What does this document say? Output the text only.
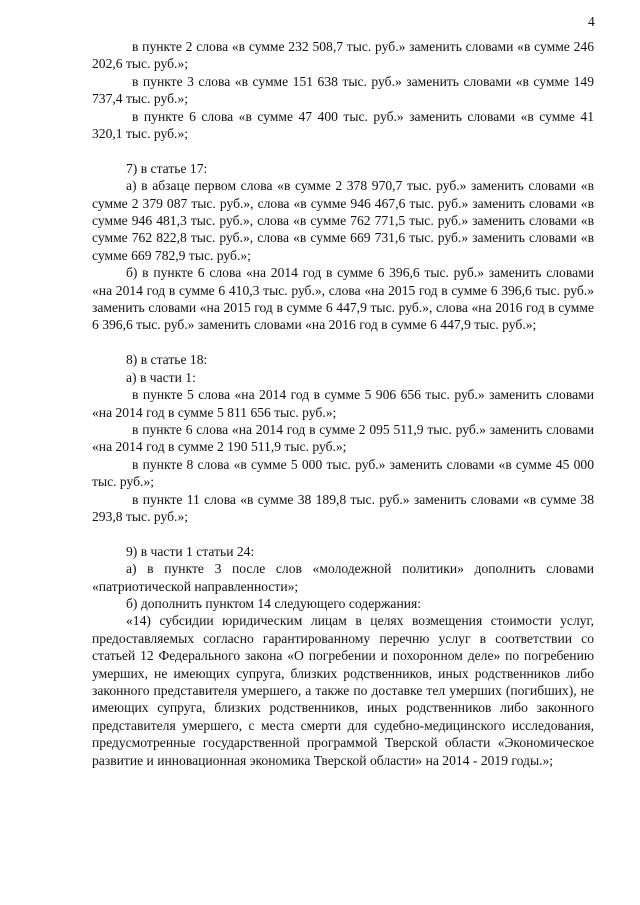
4

в пункте 2 слова «в сумме 232 508,7 тыс. руб.» заменить словами «в сумме 246 202,6 тыс. руб.»;

в пункте 3 слова «в сумме 151 638 тыс. руб.» заменить словами «в сумме 149 737,4 тыс. руб.»;

в пункте 6 слова «в сумме 47 400 тыс. руб.» заменить словами «в сумме 41 320,1 тыс. руб.»;

7) в статье 17:

а) в абзаце первом слова «в сумме 2 378 970,7 тыс. руб.» заменить словами «в сумме 2 379 087 тыс. руб.», слова «в сумме 946 467,6 тыс. руб.» заменить словами «в сумме 946 481,3 тыс. руб.», слова «в сумме 762 771,5 тыс. руб.» заменить словами «в сумме 762 822,8 тыс. руб.», слова «в сумме 669 731,6 тыс. руб.» заменить словами «в сумме 669 782,9 тыс. руб.»;

б) в пункте 6 слова «на 2014 год в сумме 6 396,6 тыс. руб.» заменить словами «на 2014 год в сумме 6 410,3 тыс. руб.», слова «на 2015 год в сумме 6 396,6 тыс. руб.» заменить словами «на 2015 год в сумме 6 447,9 тыс. руб.», слова «на 2016 год в сумме 6 396,6 тыс. руб.» заменить словами «на 2016 год в сумме 6 447,9 тыс. руб.»;

8) в статье 18:

а) в части 1:

в пункте 5 слова «на 2014 год в сумме 5 906 656 тыс. руб.» заменить словами «на 2014 год в сумме 5 811 656 тыс. руб.»;

в пункте 6 слова «на 2014 год в сумме 2 095 511,9 тыс. руб.» заменить словами «на 2014 год в сумме 2 190 511,9 тыс. руб.»;

в пункте 8 слова «в сумме 5 000 тыс. руб.» заменить словами «в сумме 45 000 тыс. руб.»;

в пункте 11 слова «в сумме 38 189,8 тыс. руб.» заменить словами «в сумме 38 293,8 тыс. руб.»;

9) в части 1 статьи 24:

а) в пункте 3 после слов «молодежной политики» дополнить словами «патриотической направленности»;

б) дополнить пунктом 14 следующего содержания:

«14) субсидии юридическим лицам в целях возмещения стоимости услуг, предоставляемых согласно гарантированному перечню услуг в соответствии со статьей 12 Федерального закона «О погребении и похоронном деле» по погребению умерших, не имеющих супруга, близких родственников, иных родственников либо законного представителя умершего, а также по доставке тел умерших (погибших), не имеющих супруга, близких родственников, иных родственников либо законного представителя умершего, с места смерти для судебно-медицинского исследования, предусмотренные государственной программой Тверской области «Экономическое развитие и инновационная экономика Тверской области» на 2014 - 2019 годы.»;
